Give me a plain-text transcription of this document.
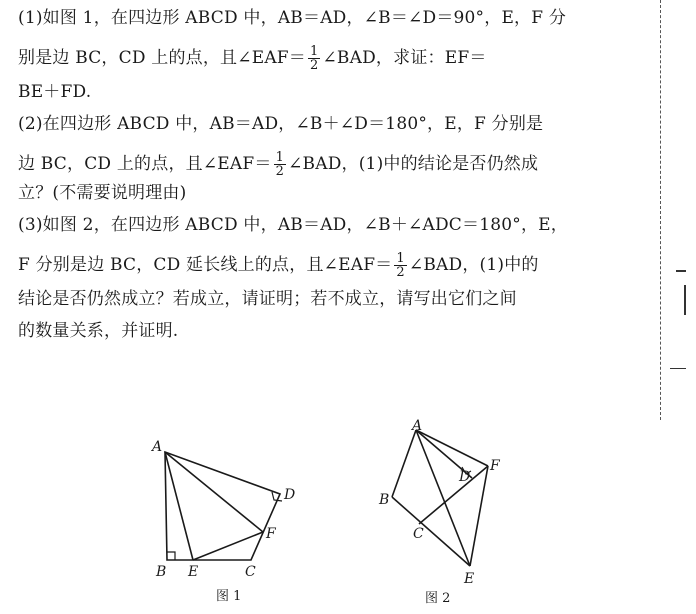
(1)如图 1，在四边形 ABCD 中，AB＝AD，∠B＝∠D＝90°，E，F 分

别是边 BC，CD 上的点，且∠EAF＝ $\frac{1}{2}$ ∠BAD，求证：EF＝

BE＋FD.

(2)在四边形 ABCD 中，AB＝AD，∠B＋∠D＝180°，E，F 分别是

边 BC，CD 上的点，且∠EAF＝ $\frac{1}{2}$ ∠BAD，(1)中的结论是否仍然成

立？(不需要说明理由)

(3)如图 2，在四边形 ABCD 中，AB＝AD，∠B＋∠ADC＝180°，E，

F 分别是边 BC，CD 延长线上的点，且∠EAF＝ $\frac{1}{2}$ ∠BAD，(1)中的

结论是否仍然成立？若成立，请证明；若不成立，请写出它们之间

的数量关系，并证明.

A
B E	C
D
F
图 1
A
B
C
D
E
F
图 2
